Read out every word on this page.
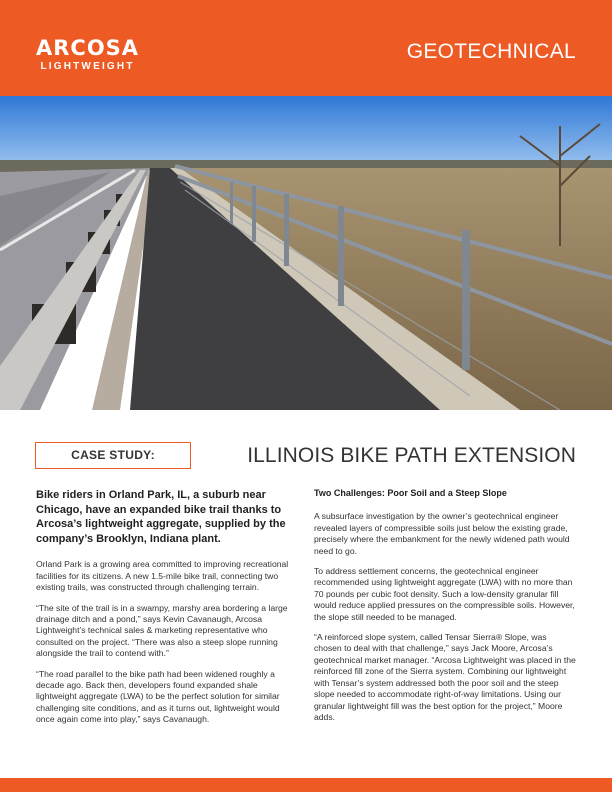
ARCOSA
LIGHTWEIGHT
GEOTECHNICAL
CASE STUDY:	ILLINOIS BIKE PATH EXTENSION

Bike riders in Orland Park, IL, a suburb near Chicago, have an expanded bike trail thanks to Arcosa’s lightweight aggregate, supplied by the company’s Brooklyn, Indiana plant.

Orland Park is a growing area committed to improving recreational facilities for its citizens. A new 1.5-mile bike trail, connecting two existing trails, was constructed through challenging terrain.

“The site of the trail is in a swampy, marshy area bordering a large drainage ditch and a pond,” says Kevin Cavanaugh, Arcosa Lightweight’s technical sales & marketing representative who consulted on the project. “There was also a steep slope running alongside the trail to contend with.”

“The road parallel to the bike path had been widened roughly a decade ago. Back then, developers found expanded shale lightweight aggregate (LWA) to be the perfect solution for similar challenging site conditions, and as it turns out, lightweight would once again come into play,” says Cavanaugh.

Two Challenges: Poor Soil and a Steep Slope

A subsurface investigation by the owner’s geotechnical engineer revealed layers of compressible soils just below the existing grade, precisely where the embankment for the newly widened path would need to go.

To address settlement concerns, the geotechnical engineer recommended using lightweight aggregate (LWA) with no more than 70 pounds per cubic foot density. Such a low-density granular fill would reduce applied pressures on the compressible soils. However, the slope still needed to be managed.

“A reinforced slope system, called Tensar Sierra® Slope, was chosen to deal with that challenge,” says Jack Moore, Arcosa’s geotechnical market manager. “Arcosa Lightweight was placed in the reinforced fill zone of the Sierra system. Combining our lightweight with Tensar’s system addressed both the poor soil and the steep slope needed to accommodate right-of-way limitations. Using our granular lightweight fill was the best option for the project,” Moore adds.
